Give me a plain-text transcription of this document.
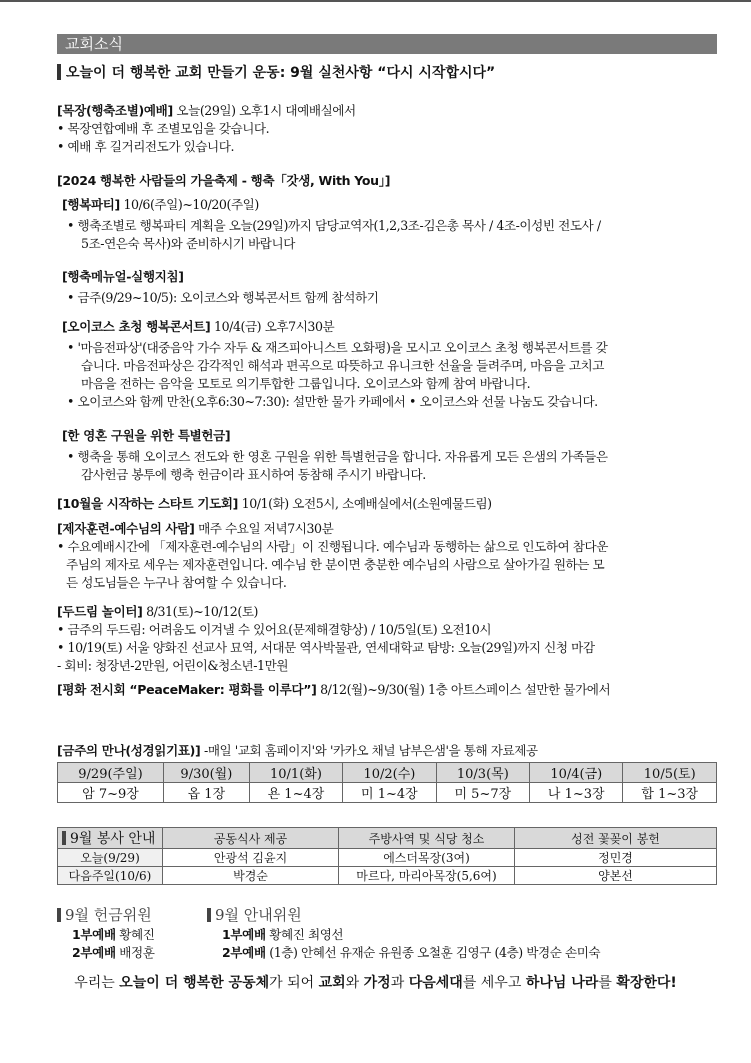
교회소식
오늘이 더 행복한 교회 만들기 운동: 9월 실천사항 “다시 시작합시다”
[목장(행축조별)예배] 오늘(29일) 오후1시 대예배실에서
• 목장연합예배 후 조별모임을 갖습니다.
• 예배 후 길거리전도가 있습니다.
[2024 행복한 사람들의 가을축제 - 행축「갓생, With You」]
[행복파티] 10/6(주일)~10/20(주일)
• 행축조별로 행복파티 계획을 오늘(29일)까지 담당교역자(1,2,3조-김은총 목사 / 4조-이성빈 전도사 /
5조-연은숙 목사)와 준비하시기 바랍니다
[행축메뉴얼-실행지침]
• 금주(9/29~10/5): 오이코스와 행복콘서트 함께 참석하기
[오이코스 초청 행복콘서트] 10/4(금) 오후7시30분
• '마음전파상'(대중음악 가수 자두 & 재즈피아니스트 오화평)을 모시고 오이코스 초청 행복콘서트를 갖
습니다. 마음전파상은 감각적인 해석과 편곡으로 따뜻하고 유니크한 선율을 들려주며, 마음을 고치고
마음을 전하는 음악을 모토로 의기투합한 그룹입니다. 오이코스와 함께 참여 바랍니다.
• 오이코스와 함께 만찬(오후6:30~7:30): 설만한 물가 카페에서 • 오이코스와 선물 나눔도 갖습니다.
[한 영혼 구원을 위한 특별헌금]
• 행축을 통해 오이코스 전도와 한 영혼 구원을 위한 특별헌금을 합니다. 자유롭게 모든 은샘의 가족들은
감사헌금 봉투에 행축 헌금이라 표시하여 동참해 주시기 바랍니다.
[10월을 시작하는 스타트 기도회] 10/1(화) 오전5시, 소예배실에서(소원예물드림)
[제자훈련-예수님의 사람] 매주 수요일 저녁7시30분
• 수요예배시간에 「제자훈련-예수님의 사람」이 진행됩니다. 예수님과 동행하는 삶으로 인도하여 참다운
주님의 제자로 세우는 제자훈련입니다. 예수님 한 분이면 충분한 예수님의 사람으로 살아가길 원하는 모
든 성도님들은 누구나 참여할 수 있습니다.
[두드림 놀이터] 8/31(토)~10/12(토)
• 금주의 두드림: 어려움도 이겨낼 수 있어요(문제해결향상) / 10/5일(토) 오전10시
• 10/19(토) 서울 양화진 선교사 묘역, 서대문 역사박물관, 연세대학교 탐방: 오늘(29일)까지 신청 마감
- 회비: 청장년-2만원, 어린이&청소년-1만원
[평화 전시회 “PeaceMaker: 평화를 이루다”] 8/12(월)~9/30(월) 1층 아트스페이스 설만한 물가에서
[금주의 만나(성경읽기표)] -매일 '교회 홈페이지'와 '카카오 채널 남부은샘'을 통해 자료제공
9/29(주일)	9/30(월)	10/1(화)	10/2(수)	10/3(목)	10/4(금)	10/5(토)
암 7~9장	옵 1장	욘 1~4장	미 1~4장	미 5~7장	나 1~3장	합 1~3장
9월 봉사 안내	공동식사 제공	주방사역 및 식당 청소	성전 꽃꽂이 봉헌
오늘(9/29)	안광석 김윤지	에스더목장(3여)	정민경
다음주일(10/6)	박경순	마르다, 마리아목장(5,6여)	양본선
9월 헌금위원
1부예배 황혜진
2부예배 배정훈
9월 안내위원
1부예배 황혜진 최영선
2부예배 (1층) 안혜선 유재순 유원종 오철훈 김영구 (4층) 박경순 손미숙
우리는 오늘이 더 행복한 공동체가 되어 교회와 가정과 다음세대를 세우고 하나님 나라를 확장한다!
